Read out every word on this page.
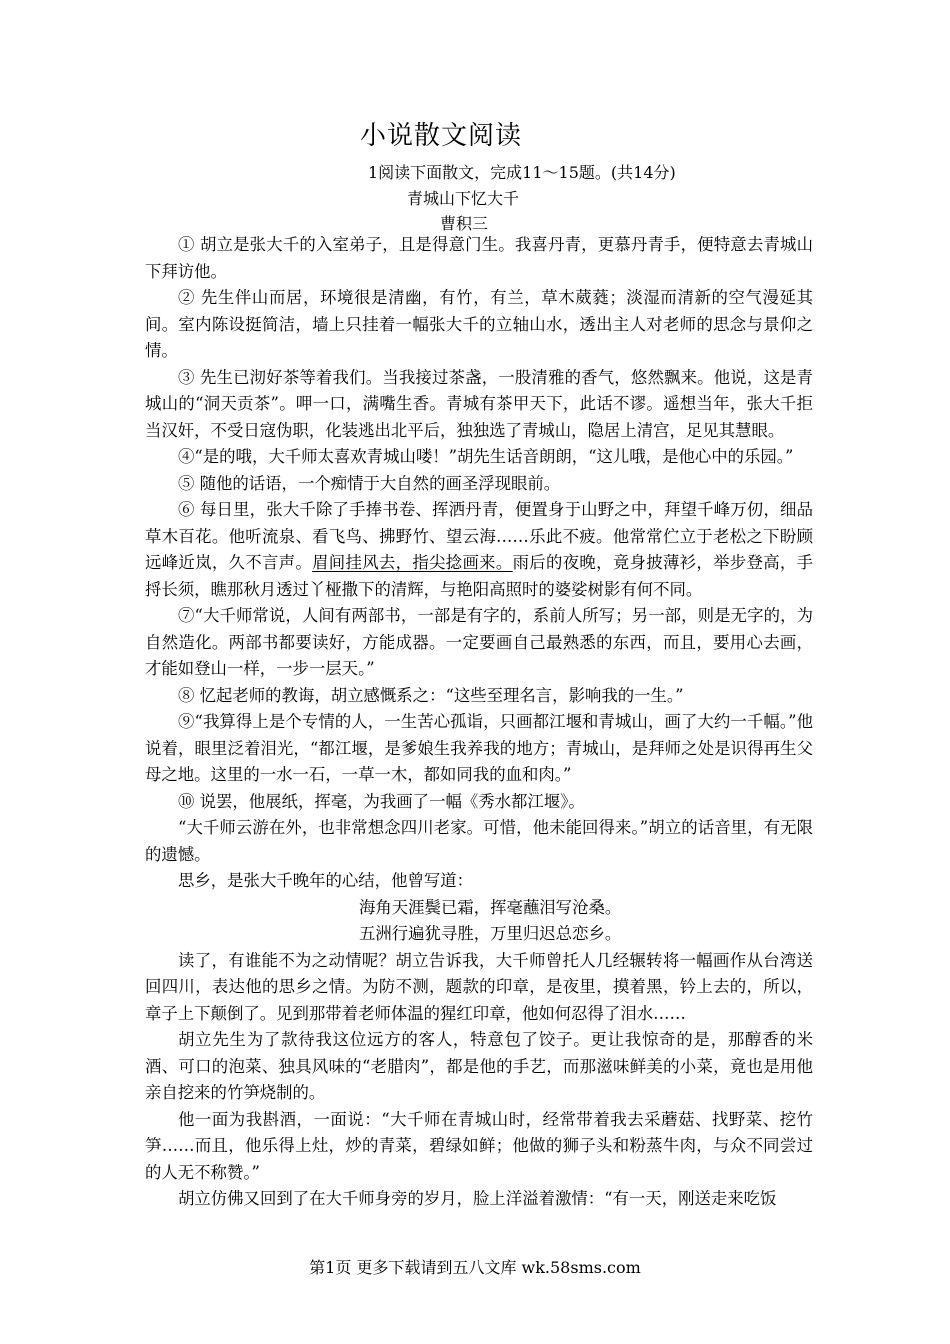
小说散文阅读
1阅读下面散文，完成11～15题。(共14分)
青城山下忆大千
曹积三

① 胡立是张大千的入室弟子，且是得意门生。我喜丹青，更慕丹青手，便特意去青城山下拜访他。

② 先生伴山而居，环境很是清幽，有竹，有兰，草木葳蕤；淡湿而清新的空气漫延其间。室内陈设挺简洁，墙上只挂着一幅张大千的立轴山水，透出主人对老师的思念与景仰之情。

③ 先生已沏好茶等着我们。当我接过茶盏，一股清雅的香气，悠然飘来。他说，这是青城山的“洞天贡茶”。呷一口，满嘴生香。青城有茶甲天下，此话不谬。遥想当年，张大千拒当汉奸，不受日寇伪职，化装逃出北平后，独独选了青城山，隐居上清宫，足见其慧眼。

④“是的哦，大千师太喜欢青城山喽！”胡先生话音朗朗，“这儿哦，是他心中的乐园。”

⑤ 随他的话语，一个痴情于大自然的画圣浮现眼前。

⑥ 每日里，张大千除了手捧书卷、挥洒丹青，便置身于山野之中，拜望千峰万仞，细品草木百花。他听流泉、看飞鸟、拂野竹、望云海……乐此不疲。他常常伫立于老松之下盼顾远峰近岚，久不言声。眉间挂风去，指尖捻画来。雨后的夜晚，竟身披薄衫，举步登高，手捋长须，瞧那秋月透过丫桠撒下的清辉，与艳阳高照时的婆娑树影有何不同。

⑦“大千师常说，人间有两部书，一部是有字的，系前人所写；另一部，则是无字的，为自然造化。两部书都要读好，方能成器。一定要画自己最熟悉的东西，而且，要用心去画，才能如登山一样，一步一层天。”

⑧ 忆起老师的教诲，胡立感慨系之：“这些至理名言，影响我的一生。”

⑨“我算得上是个专情的人，一生苦心孤诣，只画都江堰和青城山，画了大约一千幅。”他说着，眼里泛着泪光，“都江堰，是爹娘生我养我的地方；青城山，是拜师之处是识得再生父母之地。这里的一水一石，一草一木，都如同我的血和肉。”

⑩ 说罢，他展纸，挥毫，为我画了一幅《秀水都江堰》。

“大千师云游在外，也非常想念四川老家。可惜，他未能回得来。”胡立的话音里，有无限的遗憾。

思乡，是张大千晚年的心结，他曾写道：

海角天涯鬓已霜，挥毫蘸泪写沧桑。

五洲行遍犹寻胜，万里归迟总恋乡。

读了，有谁能不为之动情呢？胡立告诉我，大千师曾托人几经辗转将一幅画作从台湾送回四川，表达他的思乡之情。为防不测，题款的印章，是夜里，摸着黑，钤上去的，所以，章子上下颠倒了。见到那带着老师体温的猩红印章，他如何忍得了泪水……

胡立先生为了款待我这位远方的客人，特意包了饺子。更让我惊奇的是，那醇香的米酒、可口的泡菜、独具风味的“老腊肉”，都是他的手艺，而那滋味鲜美的小菜，竟也是用他亲自挖来的竹笋烧制的。

他一面为我斟酒，一面说：“大千师在青城山时，经常带着我去采蘑菇、找野菜、挖竹笋……而且，他乐得上灶，炒的青菜，碧绿如鲜；他做的狮子头和粉蒸牛肉，与众不同尝过的人无不称赞。”

胡立仿佛又回到了在大千师身旁的岁月，脸上洋溢着激情：“有一天，刚送走来吃饭

第1页 更多下载请到五八文库 wk.58sms.com
